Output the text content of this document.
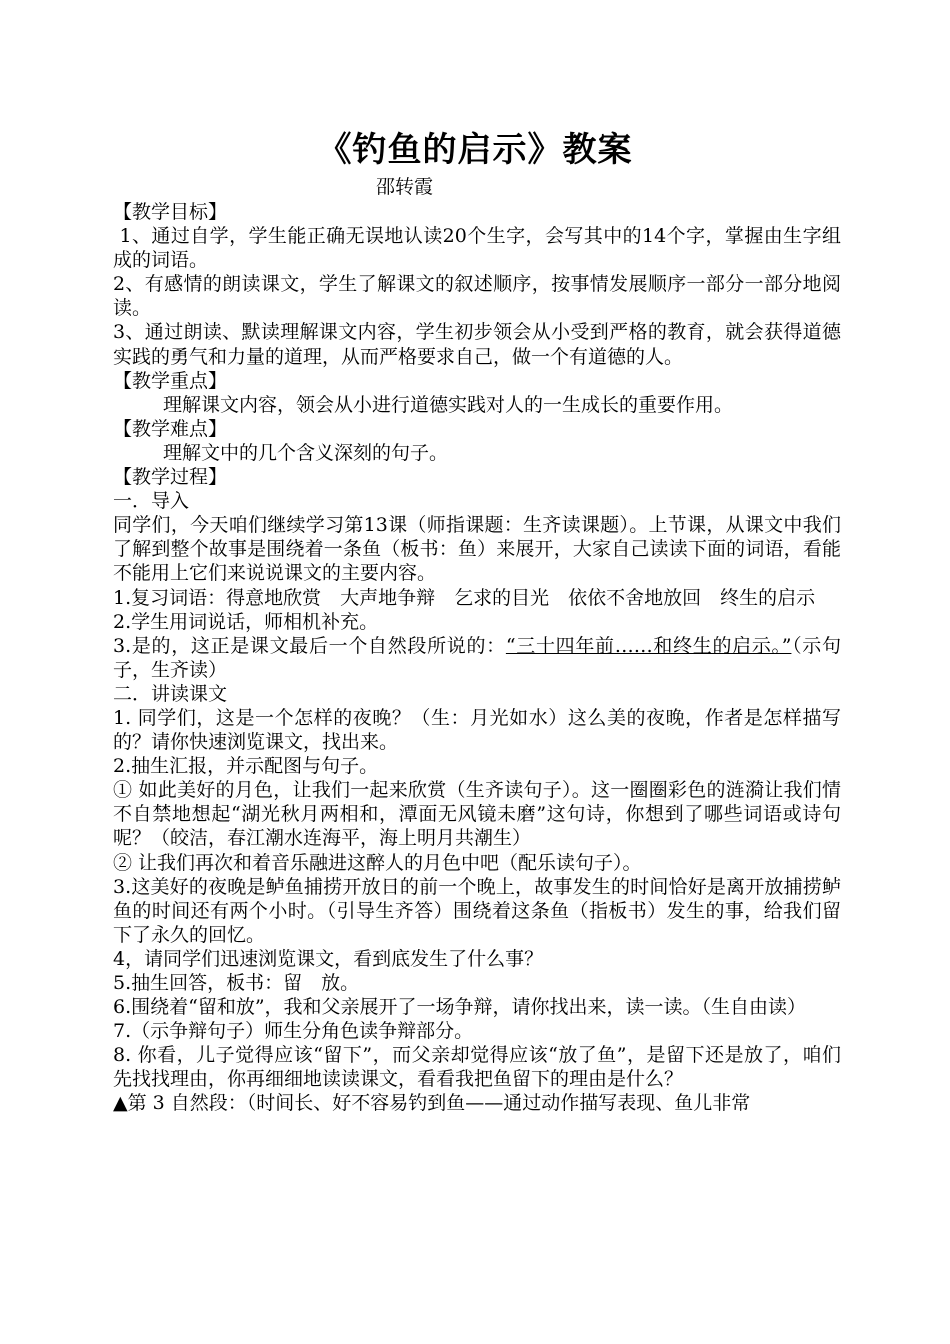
《钓鱼的启示》教案
邵转霞

【教学目标】

1、通过自学，学生能正确无误地认读20个生字，会写其中的14个字，掌握由生字组成的词语。

2、有感情的朗读课文，学生了解课文的叙述顺序，按事情发展顺序一部分一部分地阅读。

3、通过朗读、默读理解课文内容，学生初步领会从小受到严格的教育，就会获得道德实践的勇气和力量的道理，从而严格要求自己，做一个有道德的人。

【教学重点】

理解课文内容，领会从小进行道德实践对人的一生成长的重要作用。

【教学难点】

理解文中的几个含义深刻的句子。

【教学过程】

一．导入

同学们，今天咱们继续学习第13课（师指课题：生齐读课题）。上节课，从课文中我们了解到整个故事是围绕着一条鱼（板书：鱼）来展开，大家自己读读下面的词语，看能不能用上它们来说说课文的主要内容。

1.复习词语：得意地欣赏　大声地争辩　乞求的目光　依依不舍地放回　终生的启示

2.学生用词说话，师相机补充。

3.是的，这正是课文最后一个自然段所说的：“三十四年前……和终生的启示。”（示句子，生齐读）

二．讲读课文

1. 同学们，这是一个怎样的夜晚？（生：月光如水）这么美的夜晚，作者是怎样描写的？请你快速浏览课文，找出来。

2.抽生汇报，并示配图与句子。

① 如此美好的月色，让我们一起来欣赏（生齐读句子）。这一圈圈彩色的涟漪让我们情不自禁地想起“湖光秋月两相和，潭面无风镜未磨”这句诗，你想到了哪些词语或诗句呢？（皎洁，春江潮水连海平，海上明月共潮生）

② 让我们再次和着音乐融进这醉人的月色中吧（配乐读句子）。

3.这美好的夜晚是鲈鱼捕捞开放日的前一个晚上，故事发生的时间恰好是离开放捕捞鲈鱼的时间还有两个小时。（引导生齐答）围绕着这条鱼（指板书）发生的事，给我们留下了永久的回忆。

4，请同学们迅速浏览课文，看到底发生了什么事？

5.抽生回答，板书：留　放。

6.围绕着“留和放”，我和父亲展开了一场争辩，请你找出来，读一读。（生自由读）

7.（示争辩句子）师生分角色读争辩部分。

8. 你看，儿子觉得应该“留下”，而父亲却觉得应该“放了鱼”，是留下还是放了，咱们先找找理由，你再细细地读读课文，看看我把鱼留下的理由是什么？

▲第 3 自然段：（时间长、好不容易钓到鱼——通过动作描写表现、鱼儿非常
